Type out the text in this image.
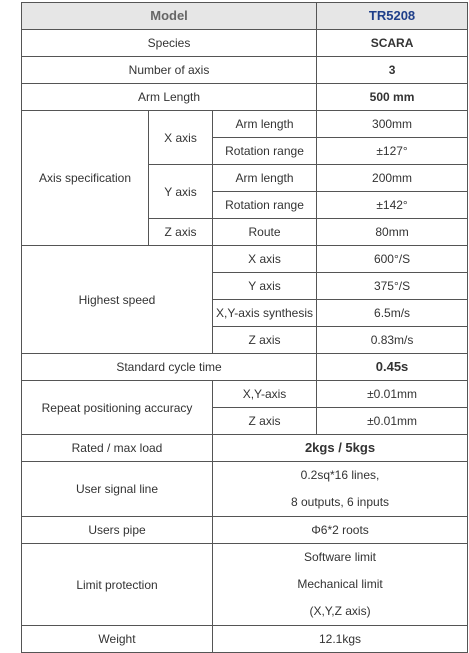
Model			TR5208
Species			SCARA
Number of axis			3
Arm Length			500 mm
Axis specification	X axis	Arm length	300mm
		Rotation range	±127°
	Y axis	Arm length	200mm
		Rotation range	±142°
	Z axis	Route	80mm
Highest speed		X axis	600°/S
		Y axis	375°/S
		X,Y-axis synthesis	6.5m/s
		Z axis	0.83m/s
Standard cycle time			0.45s
Repeat positioning accuracy		X,Y-axis	±0.01mm
		Z axis	±0.01mm
Rated / max load		2kgs / 5kgs	
User signal line		0.2sq*16 lines,
8 outputs, 6 inputs	

Users pipe		Φ6*2 roots	
Limit protection		Software limit
Mechanical limit
(X,Y,Z axis)	

Weight		12.1kgs	
